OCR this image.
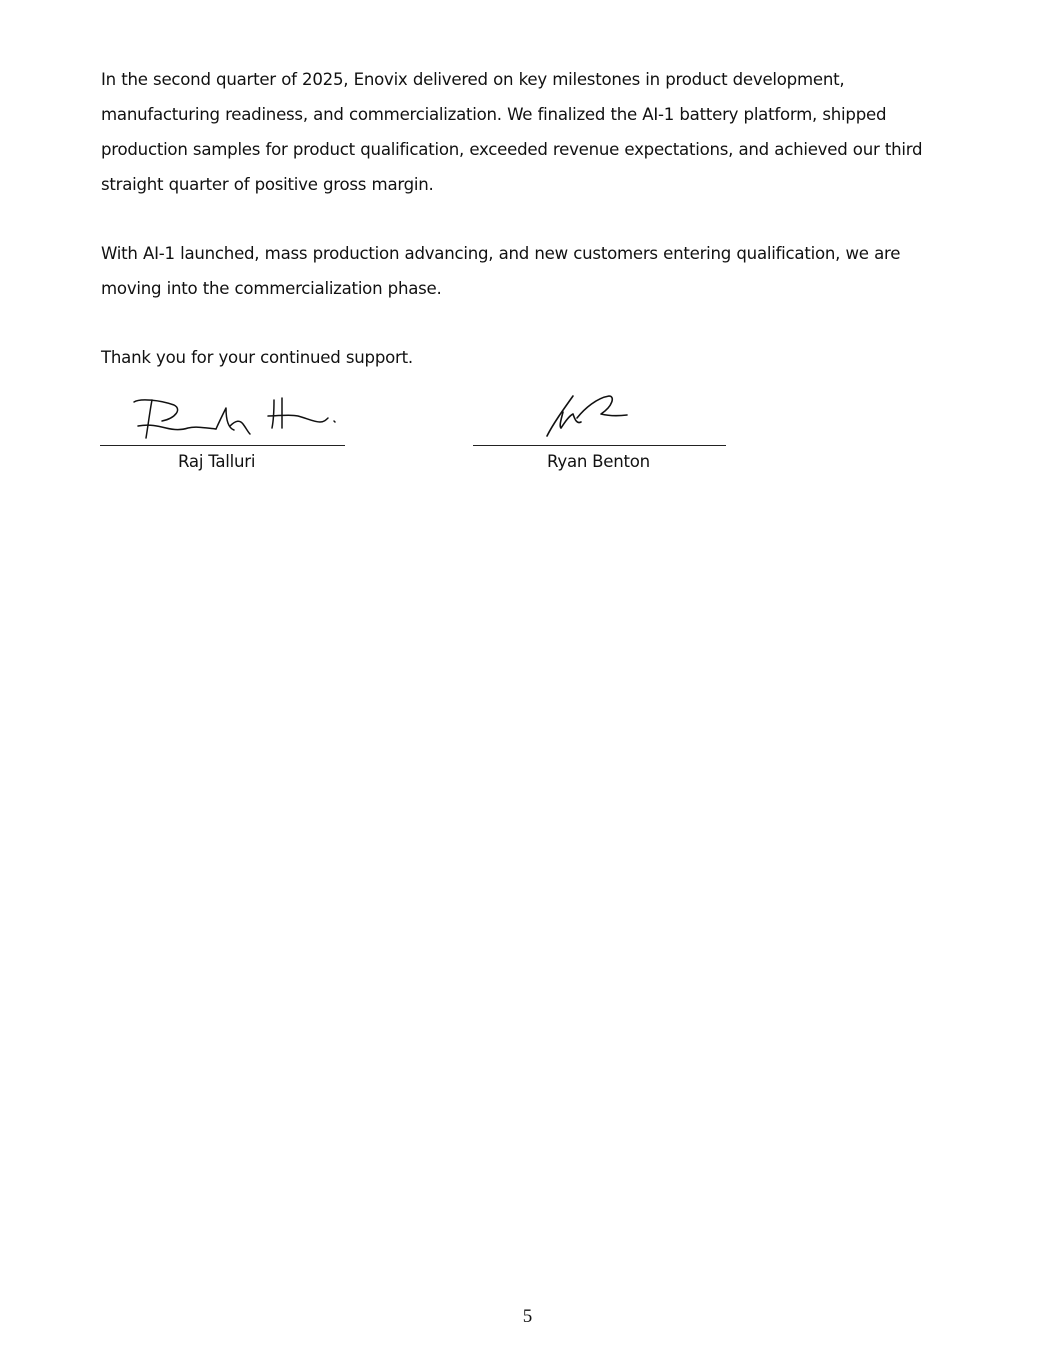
In the second quarter of 2025, Enovix delivered on key milestones in product development, manufacturing readiness, and commercialization. We finalized the AI-1 battery platform, shipped production samples for product qualification, exceeded revenue expectations, and achieved our third straight quarter of positive gross margin.

With AI-1 launched, mass production advancing, and new customers entering qualification, we are moving into the commercialization phase.

Thank you for your continued support.

Raj Talluri	Ryan Benton
5
